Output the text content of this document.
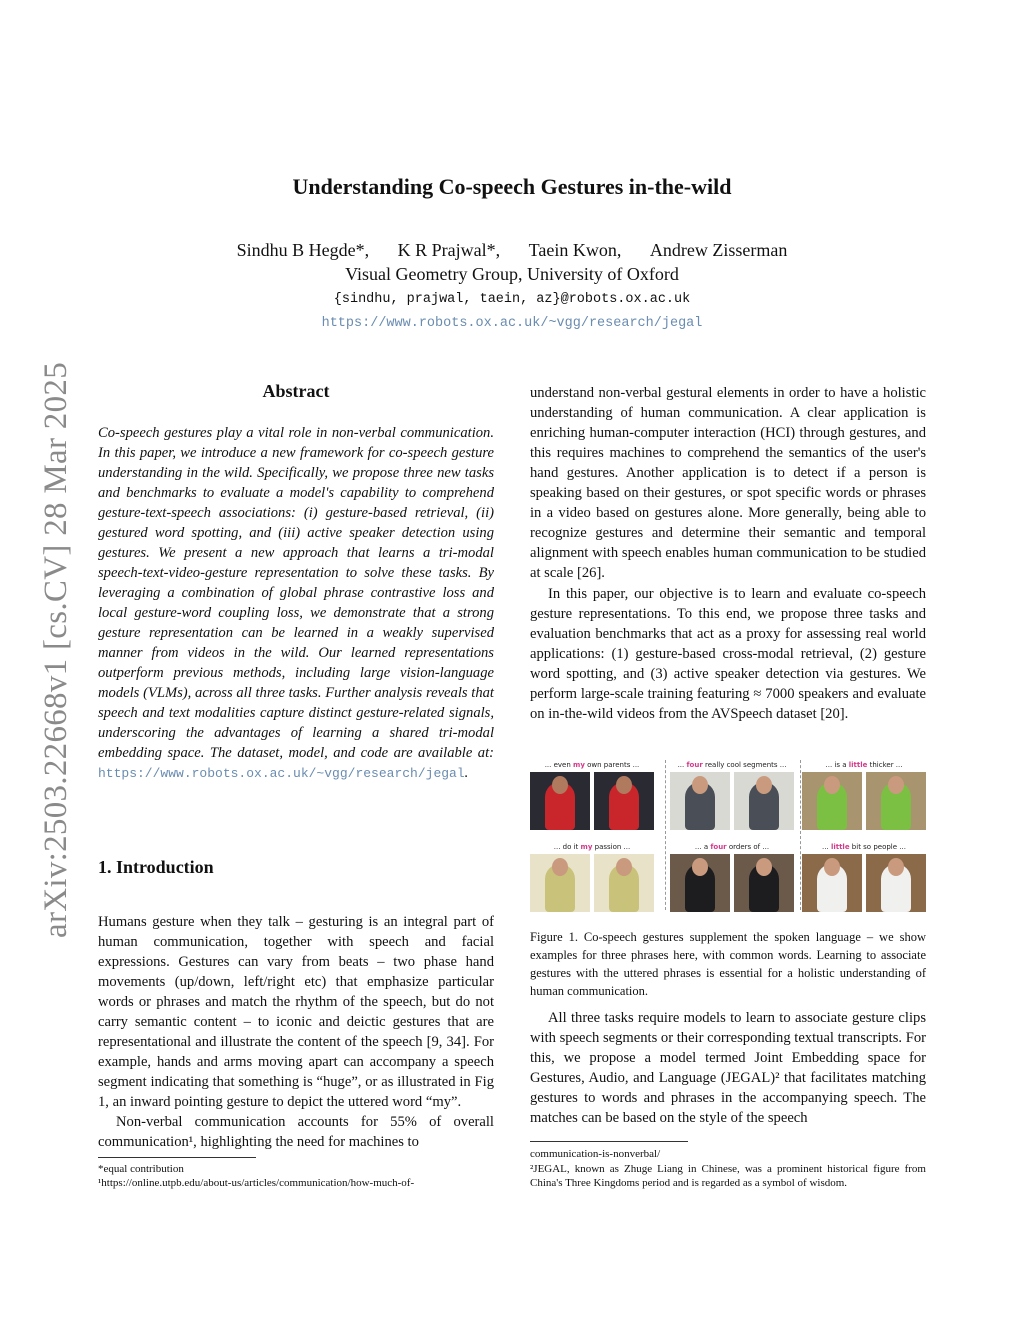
arXiv:2503.22668v1 [cs.CV] 28 Mar 2025
Understanding Co-speech Gestures in-the-wild
Sindhu B Hegde*, K R Prajwal*, Taein Kwon, Andrew Zisserman
Visual Geometry Group, University of Oxford
{sindhu, prajwal, taein, az}@robots.ox.ac.uk
https://www.robots.ox.ac.uk/~vgg/research/jegal
Abstract

Co-speech gestures play a vital role in non-verbal communication. In this paper, we introduce a new framework for co-speech gesture understanding in the wild. Specifically, we propose three new tasks and benchmarks to evaluate a model's capability to comprehend gesture-text-speech associations: (i) gesture-based retrieval, (ii) gestured word spotting, and (iii) active speaker detection using gestures. We present a new approach that learns a tri-modal speech-text-video-gesture representation to solve these tasks. By leveraging a combination of global phrase contrastive loss and local gesture-word coupling loss, we demonstrate that a strong gesture representation can be learned in a weakly supervised manner from videos in the wild. Our learned representations outperform previous methods, including large vision-language models (VLMs), across all three tasks. Further analysis reveals that speech and text modalities capture distinct gesture-related signals, underscoring the advantages of learning a shared tri-modal embedding space. The dataset, model, and code are available at: https://www.robots.ox.ac.uk/~vgg/research/jegal.

1. Introduction

Humans gesture when they talk – gesturing is an integral part of human communication, together with speech and facial expressions. Gestures can vary from beats – two phase hand movements (up/down, left/right etc) that emphasize particular words or phrases and match the rhythm of the speech, but do not carry semantic content – to iconic and deictic gestures that are representational and illustrate the content of the speech [9, 34]. For example, hands and arms moving apart can accompany a speech segment indicating that something is “huge”, or as illustrated in Fig 1, an inward pointing gesture to depict the uttered word “my”.

Non-verbal communication accounts for 55% of overall communication¹, highlighting the need for machines to

understand non-verbal gestural elements in order to have a holistic understanding of human communication. A clear application is enriching human-computer interaction (HCI) through gestures, and this requires machines to comprehend the semantics of the user's hand gestures. Another application is to detect if a person is speaking based on their gestures, or spot specific words or phrases in a video based on gestures alone. More generally, being able to recognize gestures and determine their semantic and temporal alignment with speech enables human communication to be studied at scale [26].

In this paper, our objective is to learn and evaluate co-speech gesture representations. To this end, we propose three tasks and evaluation benchmarks that act as a proxy for assessing real world applications: (1) gesture-based cross-modal retrieval, (2) gesture word spotting, and (3) active speaker detection via gestures. We perform large-scale training featuring ≈ 7000 speakers and evaluate on in-the-wild videos from the AVSpeech dataset [20].

... even my own parents ...
... do it my passion ...
... four really cool segments ...
... a four orders of ...
... is a little thicker ...
... little bit so people ...

Figure 1. Co-speech gestures supplement the spoken language – we show examples for three phrases here, with common words. Learning to associate gestures with the uttered phrases is essential for a holistic understanding of human communication.

All three tasks require models to learn to associate gesture clips with speech segments or their corresponding textual transcripts. For this, we propose a model termed Joint Embedding space for Gestures, Audio, and Language (JEGAL)² that facilitates matching gestures to words and phrases in the accompanying speech. The matches can be based on the style of the speech

*equal contribution

¹https://online.utpb.edu/about-us/articles/communication/how-much-of-

communication-is-nonverbal/

²JEGAL, known as Zhuge Liang in Chinese, was a prominent historical figure from China's Three Kingdoms period and is regarded as a symbol of wisdom.
